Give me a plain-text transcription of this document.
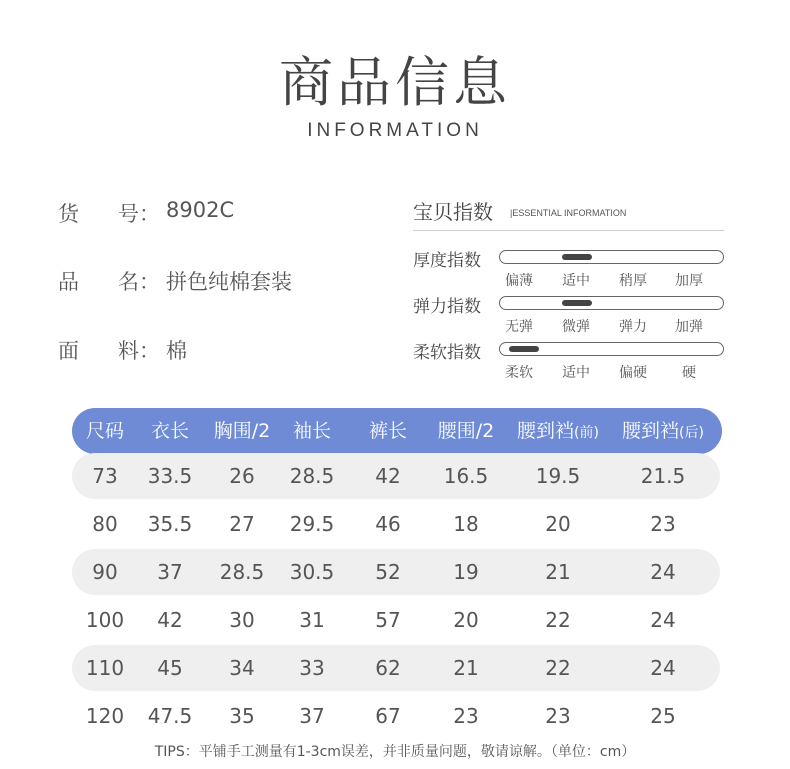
商品信息
INFORMATION
货	号： 8902C
品	名： 拼色纯棉套装
面	料： 棉
宝贝指数 |ESSENTIAL INFORMATION
厚度指数
偏薄	适中	稍厚	加厚
弹力指数
无弹	微弹	弹力	加弹
柔软指数
柔软	适中	偏硬	硬
尺码	衣长	胸围/2	袖长	裤长	腰围/2	腰到裆(前)	腰到裆(后)
73	33.5	26	28.5	42	16.5	19.5	21.5
80	35.5	27	29.5	46	18	20	23
90	37	28.5	30.5	52	19	21	24
100	42	30	31	57	20	22	24
110	45	34	33	62	21	22	24
120	47.5	35	37	67	23	23	25
TIPS：平铺手工测量有1-3cm误差，并非质量问题，敬请谅解。（单位：cm）
